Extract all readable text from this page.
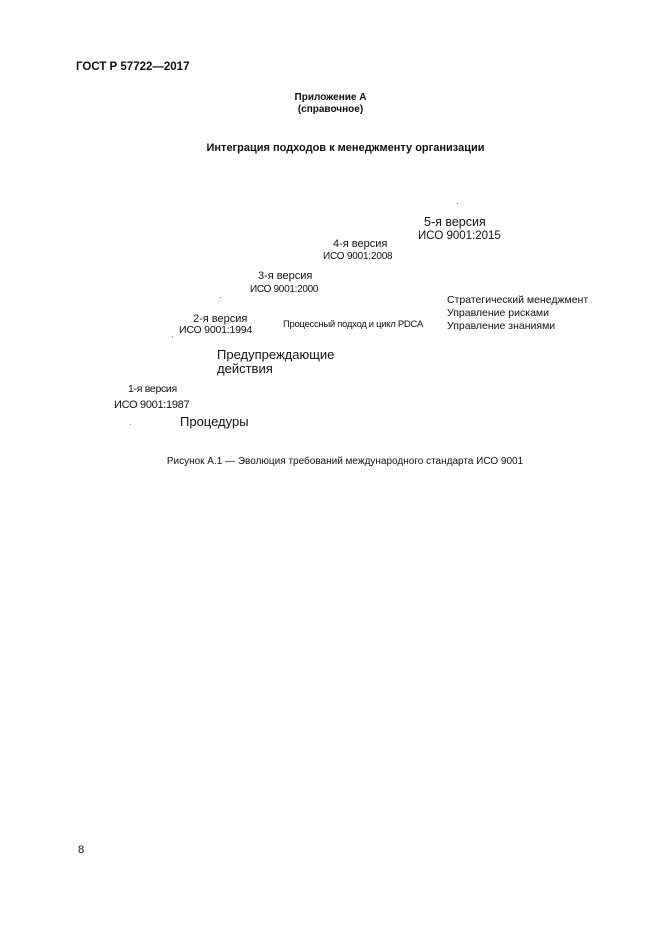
ГОСТ Р 57722—2017
Приложение А
(справочное)
Интеграция подходов к менеджменту организации
5-я версия
ИСО 9001:2015
4-я версия
ИСО 9001:2008
3-я версия
ИСО 9001:2000
2-я версия
ИСО 9001:1994	Процессный подход и цикл PDCA
Стратегический менеджмент
Управление рисками
Управление знаниями
Предупреждающие
действия
1-я версия
ИСО 9001:1987
Процедуры
Рисунок А.1 — Эволюция требований международного стандарта ИСО 9001
8
